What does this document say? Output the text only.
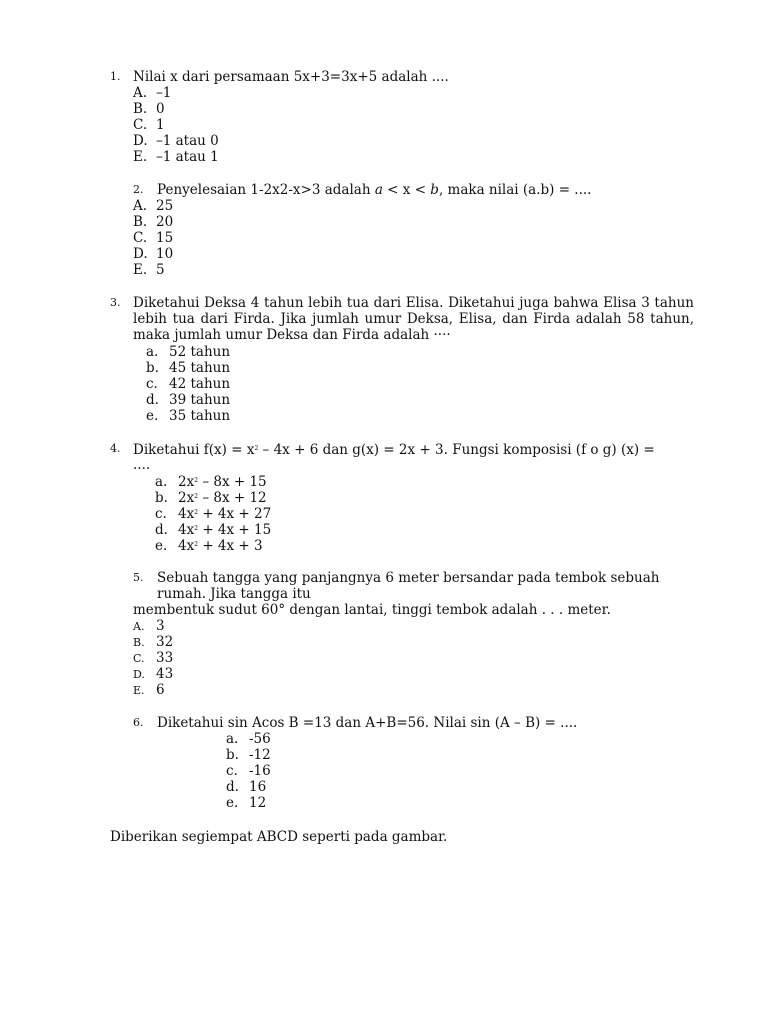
1. Nilai x dari persamaan 5x+3=3x+5 adalah ....
A. –1
B. 0
C. 1
D. –1 atau 0
E. –1 atau 1
2. Penyelesaian 1-2x2-x>3 adalah a < x < b, maka nilai (a.b) = ....
A. 25
B. 20
C. 15
D. 10
E. 5
3. Diketahui Deksa 4 tahun lebih tua dari Elisa. Diketahui juga bahwa Elisa 3 tahun lebih tua dari Firda. Jika jumlah umur Deksa, Elisa, dan Firda adalah 58 tahun, maka jumlah umur Deksa dan Firda adalah ····
a. 52 tahun
b. 45 tahun
c. 42 tahun
d. 39 tahun
e. 35 tahun
4. Diketahui $f(x) = x^2 - 4x + 6$ dan g(x) = 2x + 3. Fungsi komposisi (f o g) (x) =
....
a. $2x^2 - 8x + 15$
b. $2x^2 - 8x + 12$
c. $4x^2 + 4x + 27$
d. $4x^2 + 4x + 15$
e. $4x^2 + 4x + 3$
5. Sebuah tangga yang panjangnya 6 meter bersandar pada tembok sebuah
rumah. Jika tangga itu
membentuk sudut 60° dengan lantai, tinggi tembok adalah . . . meter.
A. 3
B. 32
C. 33
D. 43
E. 6
6. Diketahui sin Acos B =13 dan A+B=56. Nilai sin (A – B) = ....
a. -56
b. -12
c. -16
d. 16
e. 12
Diberikan segiempat ABCD seperti pada gambar.
